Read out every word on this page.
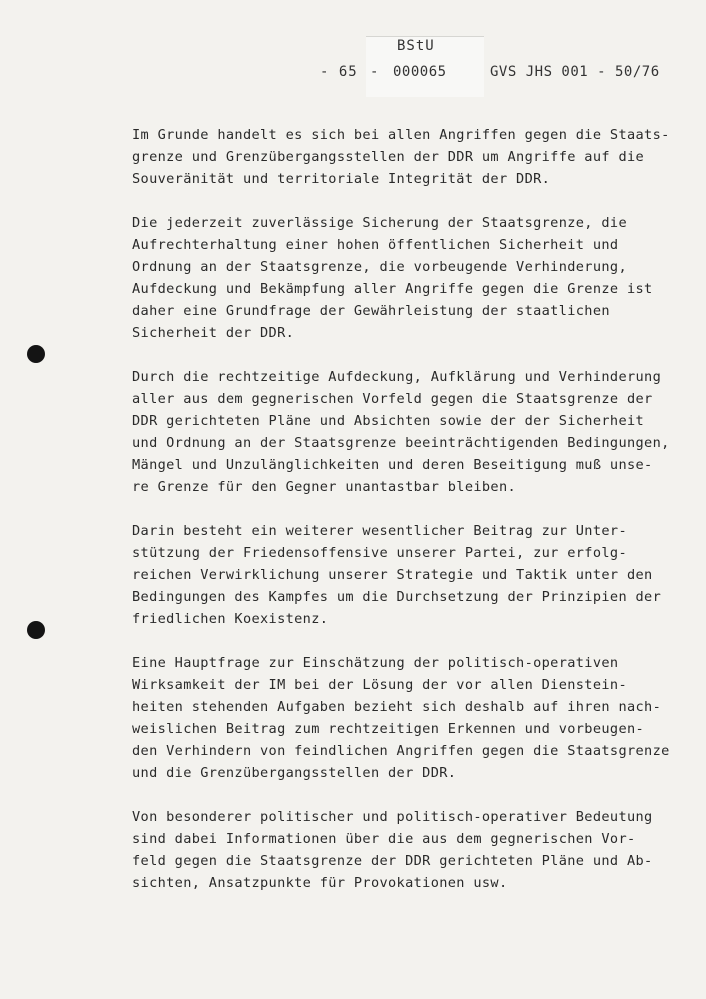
BStU
000065
- 65 -	GVS JHS 001 - 50/76

Im Grunde handelt es sich bei allen Angriffen gegen die Staats-
grenze und Grenzübergangsstellen der DDR um Angriffe auf die
Souveränität und territoriale Integrität der DDR.

Die jederzeit zuverlässige Sicherung der Staatsgrenze, die
Aufrechterhaltung einer hohen öffentlichen Sicherheit und
Ordnung an der Staatsgrenze, die vorbeugende Verhinderung,
Aufdeckung und Bekämpfung aller Angriffe gegen die Grenze ist
daher eine Grundfrage der Gewährleistung der staatlichen
Sicherheit der DDR.

Durch die rechtzeitige Aufdeckung, Aufklärung und Verhinderung
aller aus dem gegnerischen Vorfeld gegen die Staatsgrenze der
DDR gerichteten Pläne und Absichten sowie der der Sicherheit
und Ordnung an der Staatsgrenze beeinträchtigenden Bedingungen,
Mängel und Unzulänglichkeiten und deren Beseitigung muß unse-
re Grenze für den Gegner unantastbar bleiben.

Darin besteht ein weiterer wesentlicher Beitrag zur Unter-
stützung der Friedensoffensive unserer Partei, zur erfolg-
reichen Verwirklichung unserer Strategie und Taktik unter den
Bedingungen des Kampfes um die Durchsetzung der Prinzipien der
friedlichen Koexistenz.

Eine Hauptfrage zur Einschätzung der politisch-operativen
Wirksamkeit der IM bei der Lösung der vor allen Dienstein-
heiten stehenden Aufgaben bezieht sich deshalb auf ihren nach-
weislichen Beitrag zum rechtzeitigen Erkennen und vorbeugen-
den Verhindern von feindlichen Angriffen gegen die Staatsgrenze
und die Grenzübergangsstellen der DDR.

Von besonderer politischer und politisch-operativer Bedeutung
sind dabei Informationen über die aus dem gegnerischen Vor-
feld gegen die Staatsgrenze der DDR gerichteten Pläne und Ab-
sichten, Ansatzpunkte für Provokationen usw.
